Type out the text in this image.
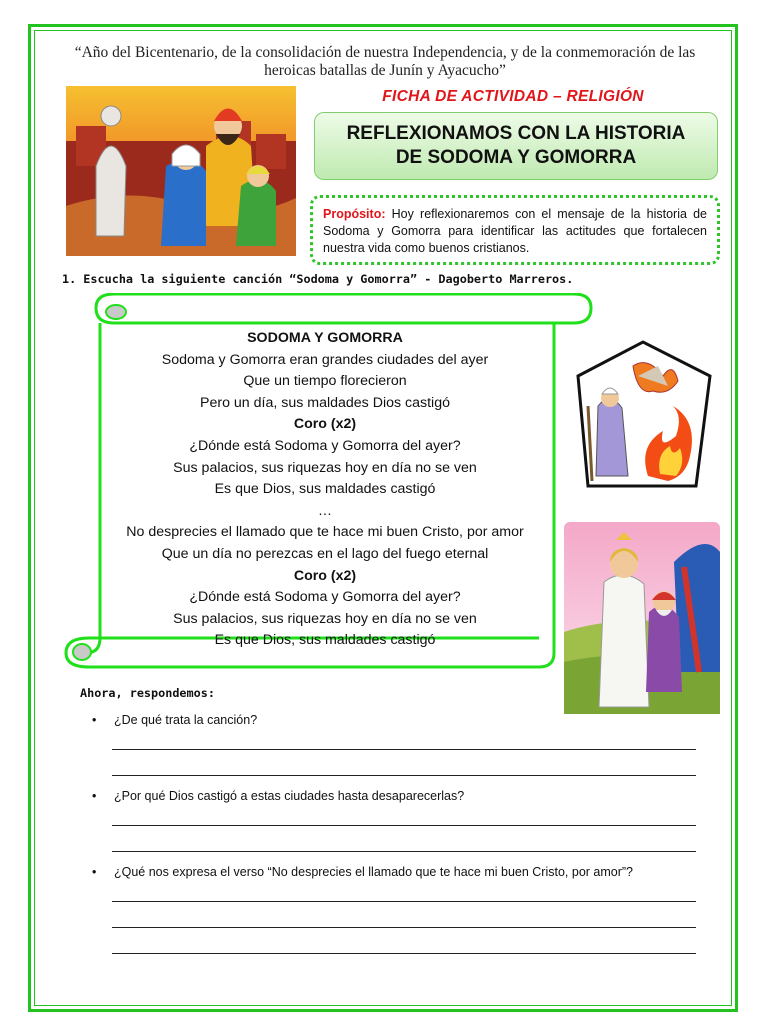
“Año del Bicentenario, de la consolidación de nuestra Independencia, y de la conmemoración de las heroicas batallas de Junín y Ayacucho”
FICHA DE ACTIVIDAD – RELIGIÓN
REFLEXIONAMOS CON LA HISTORIA
DE SODOMA Y GOMORRA
Propósito: Hoy reflexionaremos con el mensaje de la historia de Sodoma y Gomorra para identificar las actitudes que fortalecen nuestra vida como buenos cristianos.
1. Escucha la siguiente canción “Sodoma y Gomorra” - Dagoberto Marreros.
SODOMA Y GOMORRA
Sodoma y Gomorra eran grandes ciudades del ayer
Que un tiempo florecieron
Pero un día, sus maldades Dios castigó
Coro (x2)
¿Dónde está Sodoma y Gomorra del ayer?
Sus palacios, sus riquezas hoy en día no se ven
Es que Dios, sus maldades castigó
…
No desprecies el llamado que te hace mi buen Cristo, por amor
Que un día no perezcas en el lago del fuego eternal
Coro (x2)
¿Dónde está Sodoma y Gomorra del ayer?
Sus palacios, sus riquezas hoy en día no se ven
Es que Dios, sus maldades castigó
Ahora, respondemos:
• ¿De qué trata la canción?
• ¿Por qué Dios castigó a estas ciudades hasta desaparecerlas?
• ¿Qué nos expresa el verso “No desprecies el llamado que te hace mi buen Cristo, por amor”?
